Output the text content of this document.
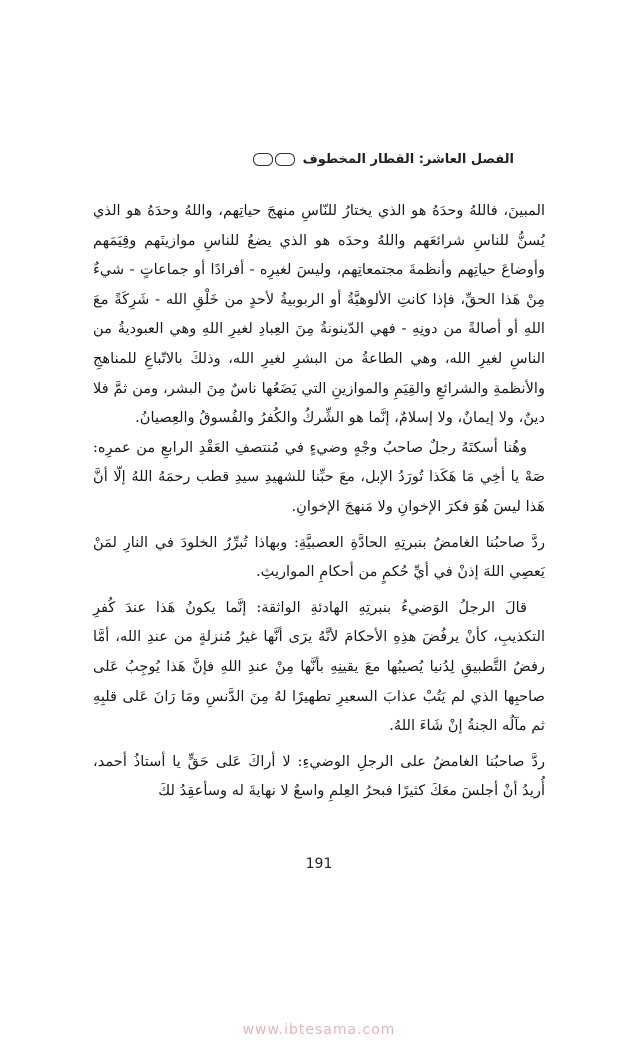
الفصل العاشر: القطار المخطوف

المبينَ، فاللهُ وحدَهُ هو الذي يختارُ للنّاسِ منهجَ حياتِهم، واللهُ وحدَهُ هو الذي يُسنُّ للناسِ شرائعَهم واللهُ وحدَه هو الذي يضعُ للناسِ موازينَهم وقِيَمَهم وأوضاعَ حياتِهم وأنظمةَ مجتمعاتِهم، وليسَ لغيرِه - أفرادًا أو جماعاتٍ - شيءٌ مِنْ هَذا الحقِّ، فإذا كانتِ الألوهيَّةُ أو الربوبيةُ لأحدٍ من خَلْقِ الله - شَرِكَةً معَ اللهِ أو أصالةً من دونِهِ - فهي الدّينونةُ مِنَ العِبادِ لغيرِ اللهِ وهي العبوديةُ من الناسِ لغيرِ الله، وهي الطاعةُ من البشرِ لغيرِ الله، وذلكَ بالاتّباعِ للمناهجِ والأنظمةِ والشرائعِ والقِيَمِ والموازينِ التي يَضَعُها ناسٌ مِنَ البشر، ومن ثمَّ فلا دينٌ، ولا إيمانٌ، ولا إسلامٌ، إنَّما هو الشِّركُ والكُفرُ والفُسوقُ والعِصيانُ.

وهُنا أسكتَهُ رجلٌ صاحبُ وجْهٍ وضيءٍ في مُنتصفِ العَقْدِ الرابعِ من عمرِه: صَهْ يا أخِي مَا هَكَذا تُورَدُ الإبل، معَ حبِّنا للشهيدِ سيدِ قطب رحمَهُ اللهُ إلّا أنَّ هَذا ليسَ هُوَ فكرَ الإخوانِ ولا مَنهجَ الإخوانِ.

ردَّ صاحبُنا الغامضُ بنبرتِهِ الحادَّةِ العصبيَّةِ: وبهاذا تُبرِّرُ الخلودَ في النارِ لمَنْ يَعصِي اللهَ إذنْ في أيِّ حُكمٍ من أحكامِ المواريثِ.

قالَ الرجلُ الوَضيءُ بنبرتِهِ الهادئةِ الواثقة: إنَّما يكونُ هَذا عندَ كُفرِ التكذيبِ، كأنْ يرفُضَ هذِهِ الأحكامَ لأنَّهُ يرَى أنَّها غيرُ مُنزلةٍ من عندِ الله، أمَّا رفضُ التَّطبيقِ لِدُنيا يُصيبُها معَ يقينِهِ بأنَّها مِنْ عندِ اللهِ فإنَّ هَذا يُوجِبُ عَلى صاحبِها الذي لم يَتُبْ عذابَ السعيرِ تطهيرًا لهُ مِنَ الدَّنسِ ومَا رَانَ عَلى قلبِهِ ثم مآلُه الجنةُ إنْ شَاءَ اللهُ.

ردَّ صاحبُنا الغامضُ على الرجلِ الوضيءِ: لا أراكَ عَلى حَقٍّ يا أستاذُ أحمد، أُريدُ أنْ أجلسَ معَكَ كثيرًا فبحرُ العِلمِ واسعٌ لا نهايةَ له وسأعقِدُ لكَ

191
www.ibtesama.com
